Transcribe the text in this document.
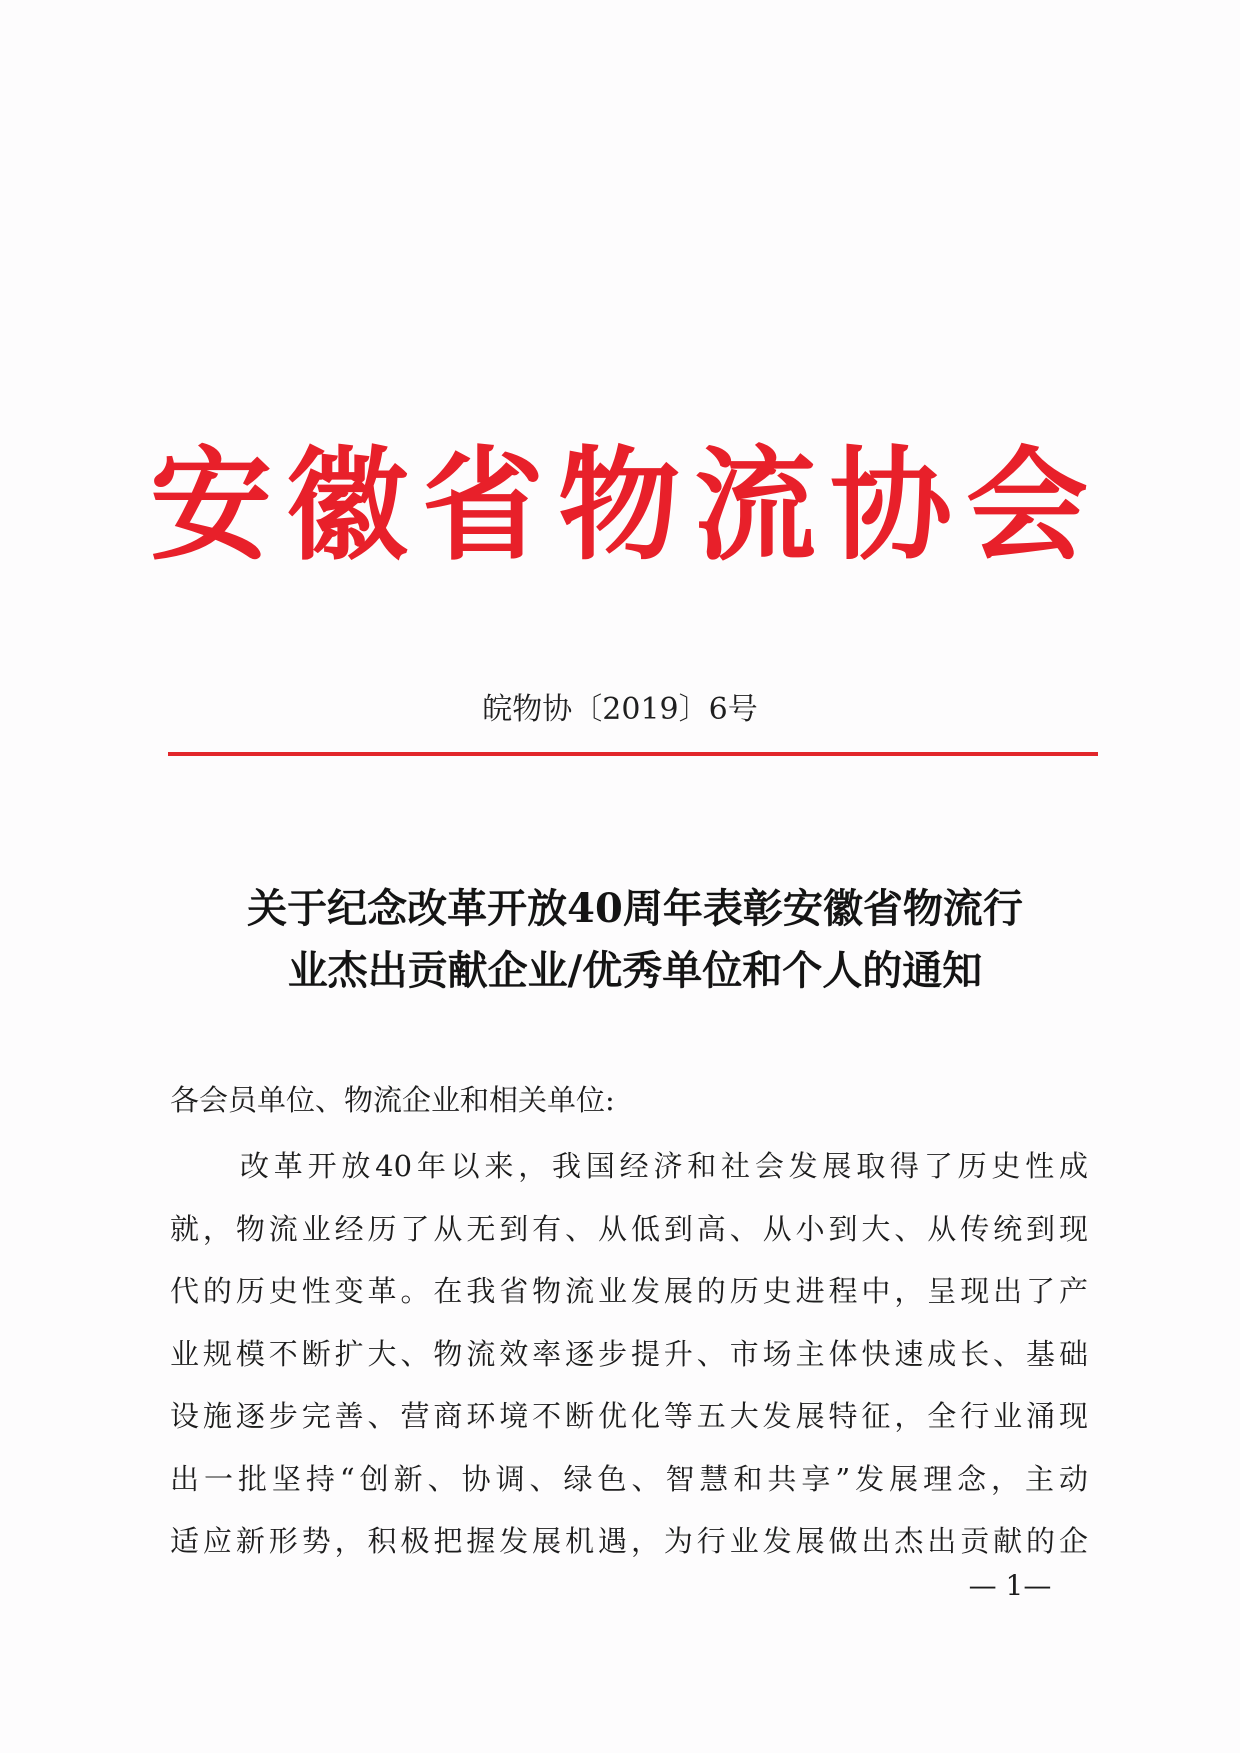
安徽省物流协会
皖物协〔2019〕6号
关于纪念改革开放40周年表彰安徽省物流行
业杰出贡献企业/优秀单位和个人的通知
各会员单位、物流企业和相关单位:
改革开放40年以来，我国经济和社会发展取得了历史性成
就，物流业经历了从无到有、从低到高、从小到大、从传统到现
代的历史性变革。在我省物流业发展的历史进程中，呈现出了产
业规模不断扩大、物流效率逐步提升、市场主体快速成长、基础
设施逐步完善、营商环境不断优化等五大发展特征，全行业涌现
出一批坚持“创新、协调、绿色、智慧和共享”发展理念，主动
适应新形势，积极把握发展机遇，为行业发展做出杰出贡献的企
— 1—
